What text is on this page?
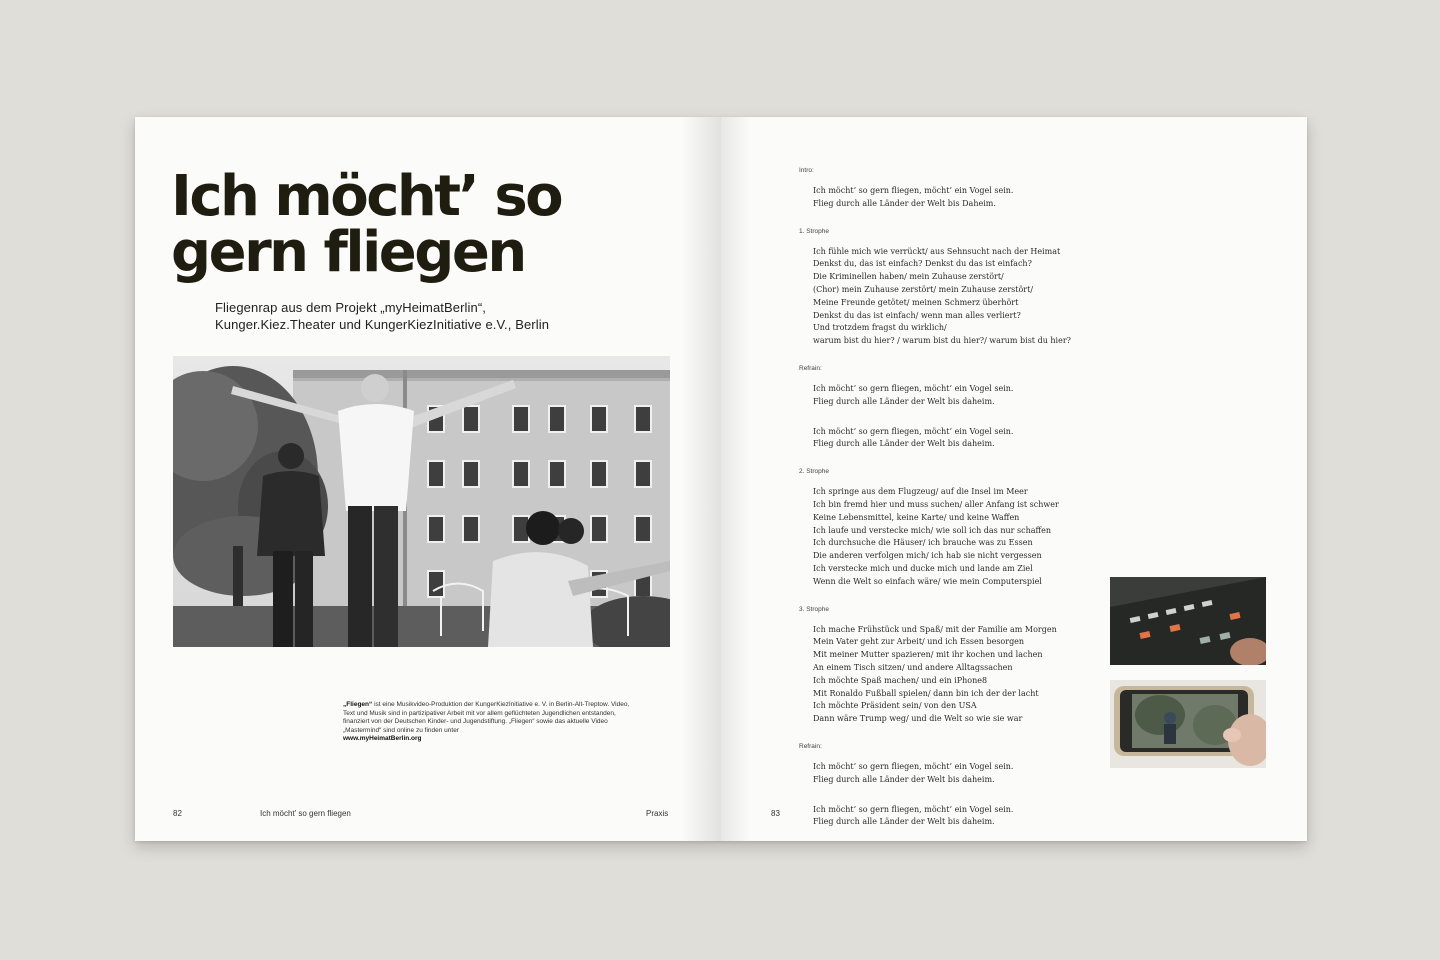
Ich möcht’ so
gern fliegen
Fliegenrap aus dem Projekt „myHeimatBerlin“,
Kunger.Kiez.Theater und KungerKiezInitiative e.V., Berlin
„Fliegen“ ist eine Musikvideo-Produktion der KungerKiezInitiative e. V. in Berlin-Alt-Treptow. Video, Text und Musik sind in partizipativer Arbeit mit vor allem geflüchteten Jugendlichen entstanden, finanziert von der Deutschen Kinder- und Jugendstiftung. „Fliegen“ sowie das aktuelle Video „Mastermind“ sind online zu finden unter
www.myHeimatBerlin.org
82	Ich möcht’ so gern fliegen	Praxis
Intro:
Ich möcht’ so gern fliegen, möcht’ ein Vogel sein.
Flieg durch alle Länder der Welt bis Daheim.
1. Strophe
Ich fühle mich wie verrückt/ aus Sehnsucht nach der Heimat
Denkst du, das ist einfach? Denkst du das ist einfach?
Die Kriminellen haben/ mein Zuhause zerstört/
(Chor) mein Zuhause zerstört/ mein Zuhause zerstört/
Meine Freunde getötet/ meinen Schmerz überhört
Denkst du das ist einfach/ wenn man alles verliert?
Und trotzdem fragst du wirklich/
warum bist du hier? / warum bist du hier?/ warum bist du hier?
Refrain:
Ich möcht’ so gern fliegen, möcht’ ein Vogel sein.
Flieg durch alle Länder der Welt bis daheim.
Ich möcht’ so gern fliegen, möcht’ ein Vogel sein.
Flieg durch alle Länder der Welt bis daheim.
2. Strophe
Ich springe aus dem Flugzeug/ auf die Insel im Meer
Ich bin fremd hier und muss suchen/ aller Anfang ist schwer
Keine Lebensmittel, keine Karte/ und keine Waffen
Ich laufe und verstecke mich/ wie soll ich das nur schaffen
Ich durchsuche die Häuser/ ich brauche was zu Essen
Die anderen verfolgen mich/ ich hab sie nicht vergessen
Ich verstecke mich und ducke mich und lande am Ziel
Wenn die Welt so einfach wäre/ wie mein Computerspiel
3. Strophe
Ich mache Frühstück und Spaß/ mit der Familie am Morgen
Mein Vater geht zur Arbeit/ und ich Essen besorgen
Mit meiner Mutter spazieren/ mit ihr kochen und lachen
An einem Tisch sitzen/ und andere Alltagssachen
Ich möchte Spaß machen/ und ein iPhone8
Mit Ronaldo Fußball spielen/ dann bin ich der der lacht
Ich möchte Präsident sein/ von den USA
Dann wäre Trump weg/ und die Welt so wie sie war
Refrain:
Ich möcht’ so gern fliegen, möcht’ ein Vogel sein.
Flieg durch alle Länder der Welt bis daheim.
Ich möcht’ so gern fliegen, möcht’ ein Vogel sein.
Flieg durch alle Länder der Welt bis daheim.
83
